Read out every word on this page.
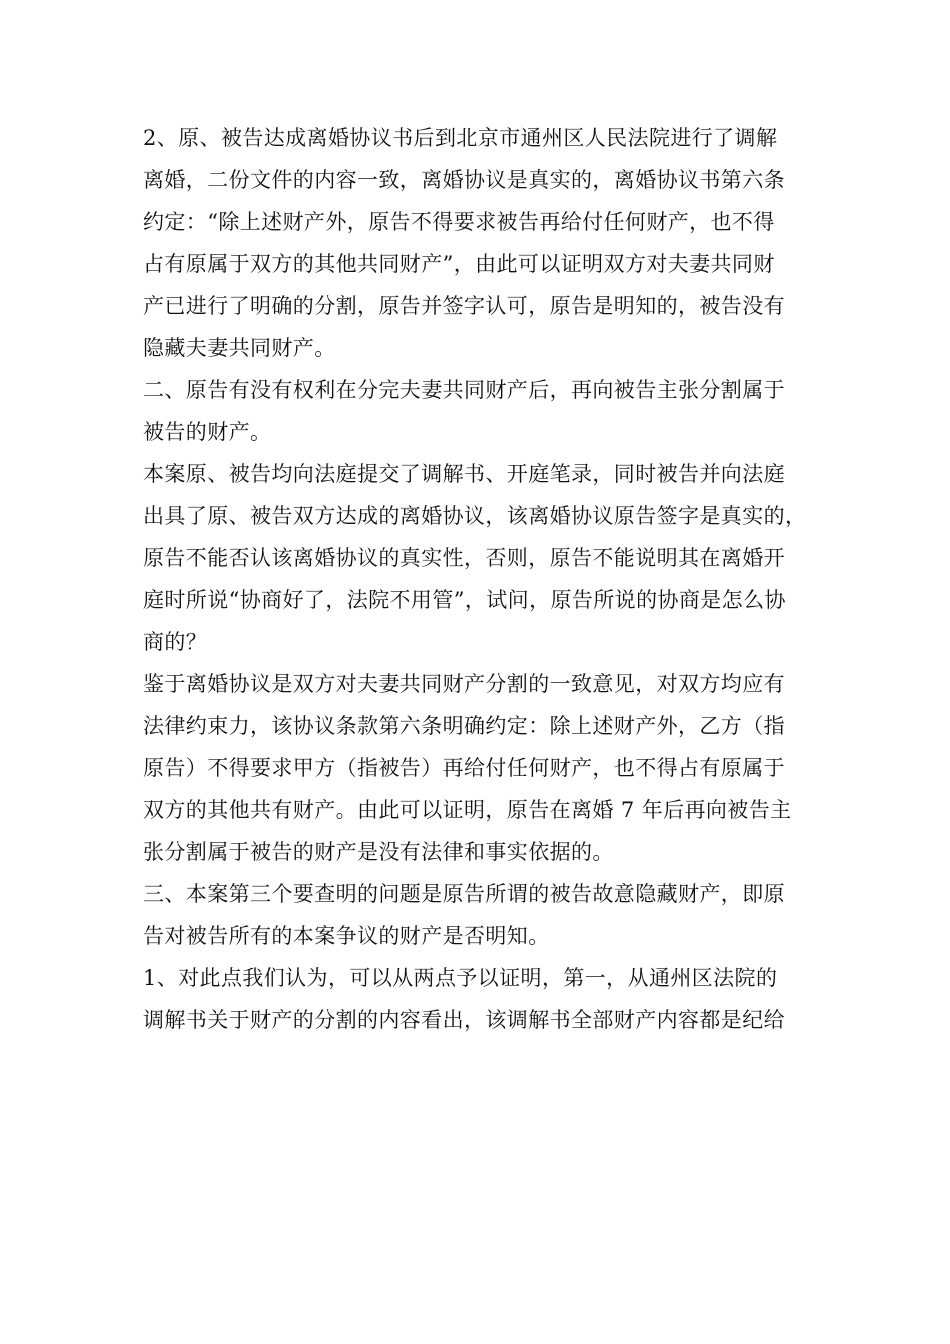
2、原、被告达成离婚协议书后到北京市通州区人民法院进行了调解
离婚，二份文件的内容一致，离婚协议是真实的，离婚协议书第六条
约定：“除上述财产外，原告不得要求被告再给付任何财产，也不得
占有原属于双方的其他共同财产”，由此可以证明双方对夫妻共同财
产已进行了明确的分割，原告并签字认可，原告是明知的，被告没有
隐藏夫妻共同财产。
二、原告有没有权利在分完夫妻共同财产后，再向被告主张分割属于
被告的财产。
本案原、被告均向法庭提交了调解书、开庭笔录，同时被告并向法庭
出具了原、被告双方达成的离婚协议，该离婚协议原告签字是真实的，
原告不能否认该离婚协议的真实性，否则，原告不能说明其在离婚开
庭时所说“协商好了，法院不用管”，试问，原告所说的协商是怎么协
商的？
鉴于离婚协议是双方对夫妻共同财产分割的一致意见，对双方均应有
法律约束力，该协议条款第六条明确约定：除上述财产外，乙方（指
原告）不得要求甲方（指被告）再给付任何财产，也不得占有原属于
双方的其他共有财产。由此可以证明，原告在离婚 7 年后再向被告主
张分割属于被告的财产是没有法律和事实依据的。
三、本案第三个要查明的问题是原告所谓的被告故意隐藏财产，即原
告对被告所有的本案争议的财产是否明知。
1、对此点我们认为，可以从两点予以证明，第一，从通州区法院的
调解书关于财产的分割的内容看出，该调解书全部财产内容都是纪给
